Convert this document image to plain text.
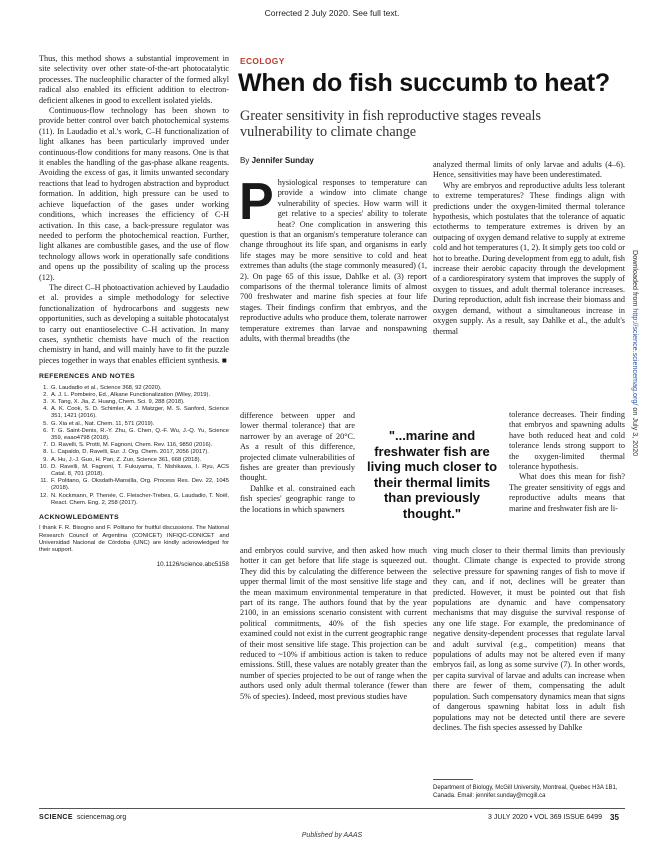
Corrected 2 July 2020. See full text.
Downloaded from http://science.sciencemag.org/ on July 3, 2020

Thus, this method shows a substantial improvement in site selectivity over other state-of-the-art photocatalytic processes. The nucleophilic character of the formed alkyl radical also enabled its efficient addition to electron-deficient alkenes in good to excellent isolated yields.

Continuous-flow technology has been shown to provide better control over batch photochemical systems (11). In Laudadio et al.'s work, C–H functionalization of light alkanes has been particularly improved under continuous-flow conditions for many reasons. One is that it enables the handling of the gas-phase alkane reagents. Avoiding the excess of gas, it limits unwanted secondary reactions that lead to hydrogen abstraction and byproduct formation. In addition, high pressure can be used to achieve liquefaction of the gases under working conditions, which increases the efficiency of C-H activation. In this case, a back-pressure regulator was needed to perform the photochemical reaction. Further, light alkanes are combustible gases, and the use of flow technology allows work in operationally safe conditions and opens up the possibility of scaling up the process (12).

The direct C–H photoactivation achieved by Laudadio et al. provides a simple methodology for selective functionalization of hydrocarbons and suggests new opportunities, such as developing a suitable photocatalyst to carry out enantioselective C–H activation. In many cases, synthetic chemists have much of the reaction chemistry in hand, and will mainly have to fit the puzzle pieces together in ways that enables efficient synthesis. ■

REFERENCES AND NOTES
1. G. Laudadio et al., Science 368, 92 (2020).
2. A. J. L. Pombeiro, Ed., Alkane Functionalization (Wiley, 2019).
3. X. Tang, X. Jia, Z. Huang, Chem. Sci. 9, 288 (2018).
4. A. K. Cook, S. D. Schimler, A. J. Matzger, M. S. Sanford, Science 351, 1421 (2016).
5. G. Xia et al., Nat. Chem. 11, 571 (2019).
6. T. G. Saint-Denis, R.-Y. Zhu, G. Chen, Q.-F. Wu, J.-Q. Yu, Science 359, eaao4798 (2018).
7. D. Ravelli, S. Protti, M. Fagnoni, Chem. Rev. 116, 9850 (2016).
8. L. Capaldo, D. Ravelli, Eur. J. Org. Chem. 2017, 2056 (2017).
9. A. Hu, J.-J. Guo, H. Pan, Z. Zuo, Science 361, 668 (2018).
10. D. Ravelli, M. Fagnoni, T. Fukuyama, T. Nishikawa, I. Ryu, ACS Catal. 8, 701 (2018).
11. F. Politano, G. Oksdath-Mansilla, Org. Process Res. Dev. 22, 1045 (2018).
12. N. Kockmann, P. Thenée, C. Fleischer-Trebes, G. Laudadio, T. Noël, React. Chem. Eng. 2, 258 (2017).
ACKNOWLEDGMENTS
I thank F. R. Bisogno and F. Politano for fruitful discussions. The National Research Council of Argentina (CONICET) INFIQC-CONICET and Universidad Nacional de Córdoba (UNC) are kindly acknowledged for their support.
10.1126/science.abc5158
ECOLOGY
When do fish succumb to heat?
Greater sensitivity in fish reproductive stages reveals vulnerability to climate change
By Jennifer Sunday

Physiological responses to temperature can provide a window into climate change vulnerability of species. How warm will it get relative to a species' ability to tolerate heat? One complication in answering this question is that an organism's temperature tolerance can change throughout its life span, and organisms in early life stages may be more sensitive to cold and heat extremes than adults (the stage commonly measured) (1, 2). On page 65 of this issue, Dahlke et al. (3) report comparisons of the thermal tolerance limits of almost 700 freshwater and marine fish species at four life stages. Their findings confirm that embryos, and the reproductive adults who produce them, tolerate narrower temperature extremes than larvae and nonspawning adults, with thermal breadths (the

difference between upper and lower thermal tolerance) that are narrower by an average of 20°C. As a result of this difference, projected climate vulnerabilities of fishes are greater than previously thought.

Dahlke et al. constrained each fish species' geographic range to the locations in which spawners

and embryos could survive, and then asked how much hotter it can get before that life stage is squeezed out. They did this by calculating the difference between the upper thermal limit of the most sensitive life stage and the mean maximum environmental temperature in that part of its range. The authors found that by the year 2100, in an emissions scenario consistent with current political commitments, 40% of the fish species examined could not exist in the current geographic range of their most sensitive life stage. This projection can be reduced to ~10% if ambitious action is taken to reduce emissions. Still, these values are notably greater than the number of species projected to be out of range when the authors used only adult thermal tolerance (fewer than 5% of species). Indeed, most previous studies have

"...marine and freshwater fish are living much closer to their thermal limits than previously thought."
Department of Biology, McGill University, Montreal, Quebec H3A 1B1, Canada. Email: jennifer.sunday@mcgill.ca

analyzed thermal limits of only larvae and adults (4–6). Hence, sensitivities may have been underestimated.

Why are embryos and reproductive adults less tolerant to extreme temperatures? These findings align with predictions under the oxygen-limited thermal tolerance hypothesis, which postulates that the tolerance of aquatic ectotherms to temperature extremes is driven by an outpacing of oxygen demand relative to supply at extreme cold and hot temperatures (1, 2). It simply gets too cold or hot to breathe. During development from egg to adult, fish increase their aerobic capacity through the development of a cardiorespiratory system that improves the supply of oxygen to tissues, and adult thermal tolerance increases. During reproduction, adult fish increase their biomass and oxygen demand, without a simultaneous increase in oxygen supply. As a result, say Dahlke et al., the adult's thermal

tolerance decreases. Their finding that embryos and spawning adults have both reduced heat and cold tolerance lends strong support to the oxygen-limited thermal tolerance hypothesis.

What does this mean for fish? The greater sensitivity of eggs and reproductive adults means that marine and freshwater fish are li-

ving much closer to their thermal limits than previously thought. Climate change is expected to provide strong selective pressure for spawning ranges of fish to move if they can, and if not, declines will be greater than predicted. However, it must be pointed out that fish populations are dynamic and have compensatory mechanisms that may disguise the survival response of any one life stage. For example, the predominance of negative density-dependent processes that regulate larval and adult survival (e.g., competition) means that populations of adults may not be altered even if many embryos fail, as long as some survive (7). In other words, per capita survival of larvae and adults can increase when there are fewer of them, compensating the adult population. Such compensatory dynamics mean that signs of dangerous spawning habitat loss in adult fish populations may not be detected until there are severe declines. The fish species assessed by Dahlke

SCIENCE sciencemag.org	3 JULY 2020 • VOL 369 ISSUE 6499 35
Published by AAAS
